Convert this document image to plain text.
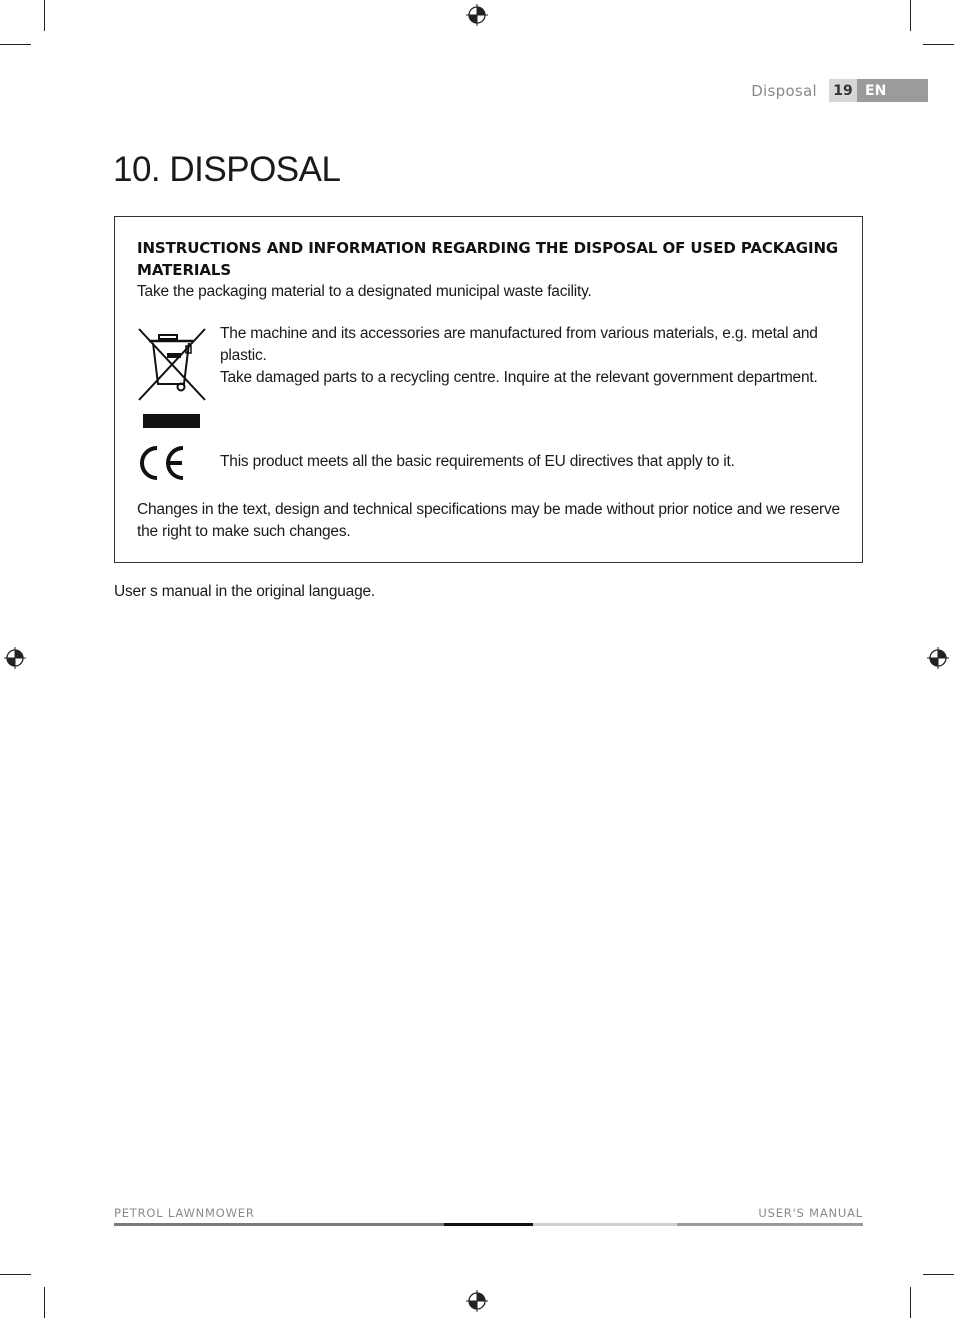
Disposal	19 EN
10. DISPOSAL
INSTRUCTIONS AND INFORMATION REGARDING THE DISPOSAL OF USED PACKAGING MATERIALS
Take the packaging material to a designated municipal waste facility.
The machine and its accessories are manufactured from various materials, e.g. metal and
plastic.
Take damaged parts to a recycling centre. Inquire at the relevant government department.
This product meets all the basic requirements of EU directives that apply to it.
Changes in the text, design and technical specifications may be made without prior notice and we reserve
the right to make such changes.
User s manual in the original language.
PETROL LAWNMOWER	USER'S MANUAL
